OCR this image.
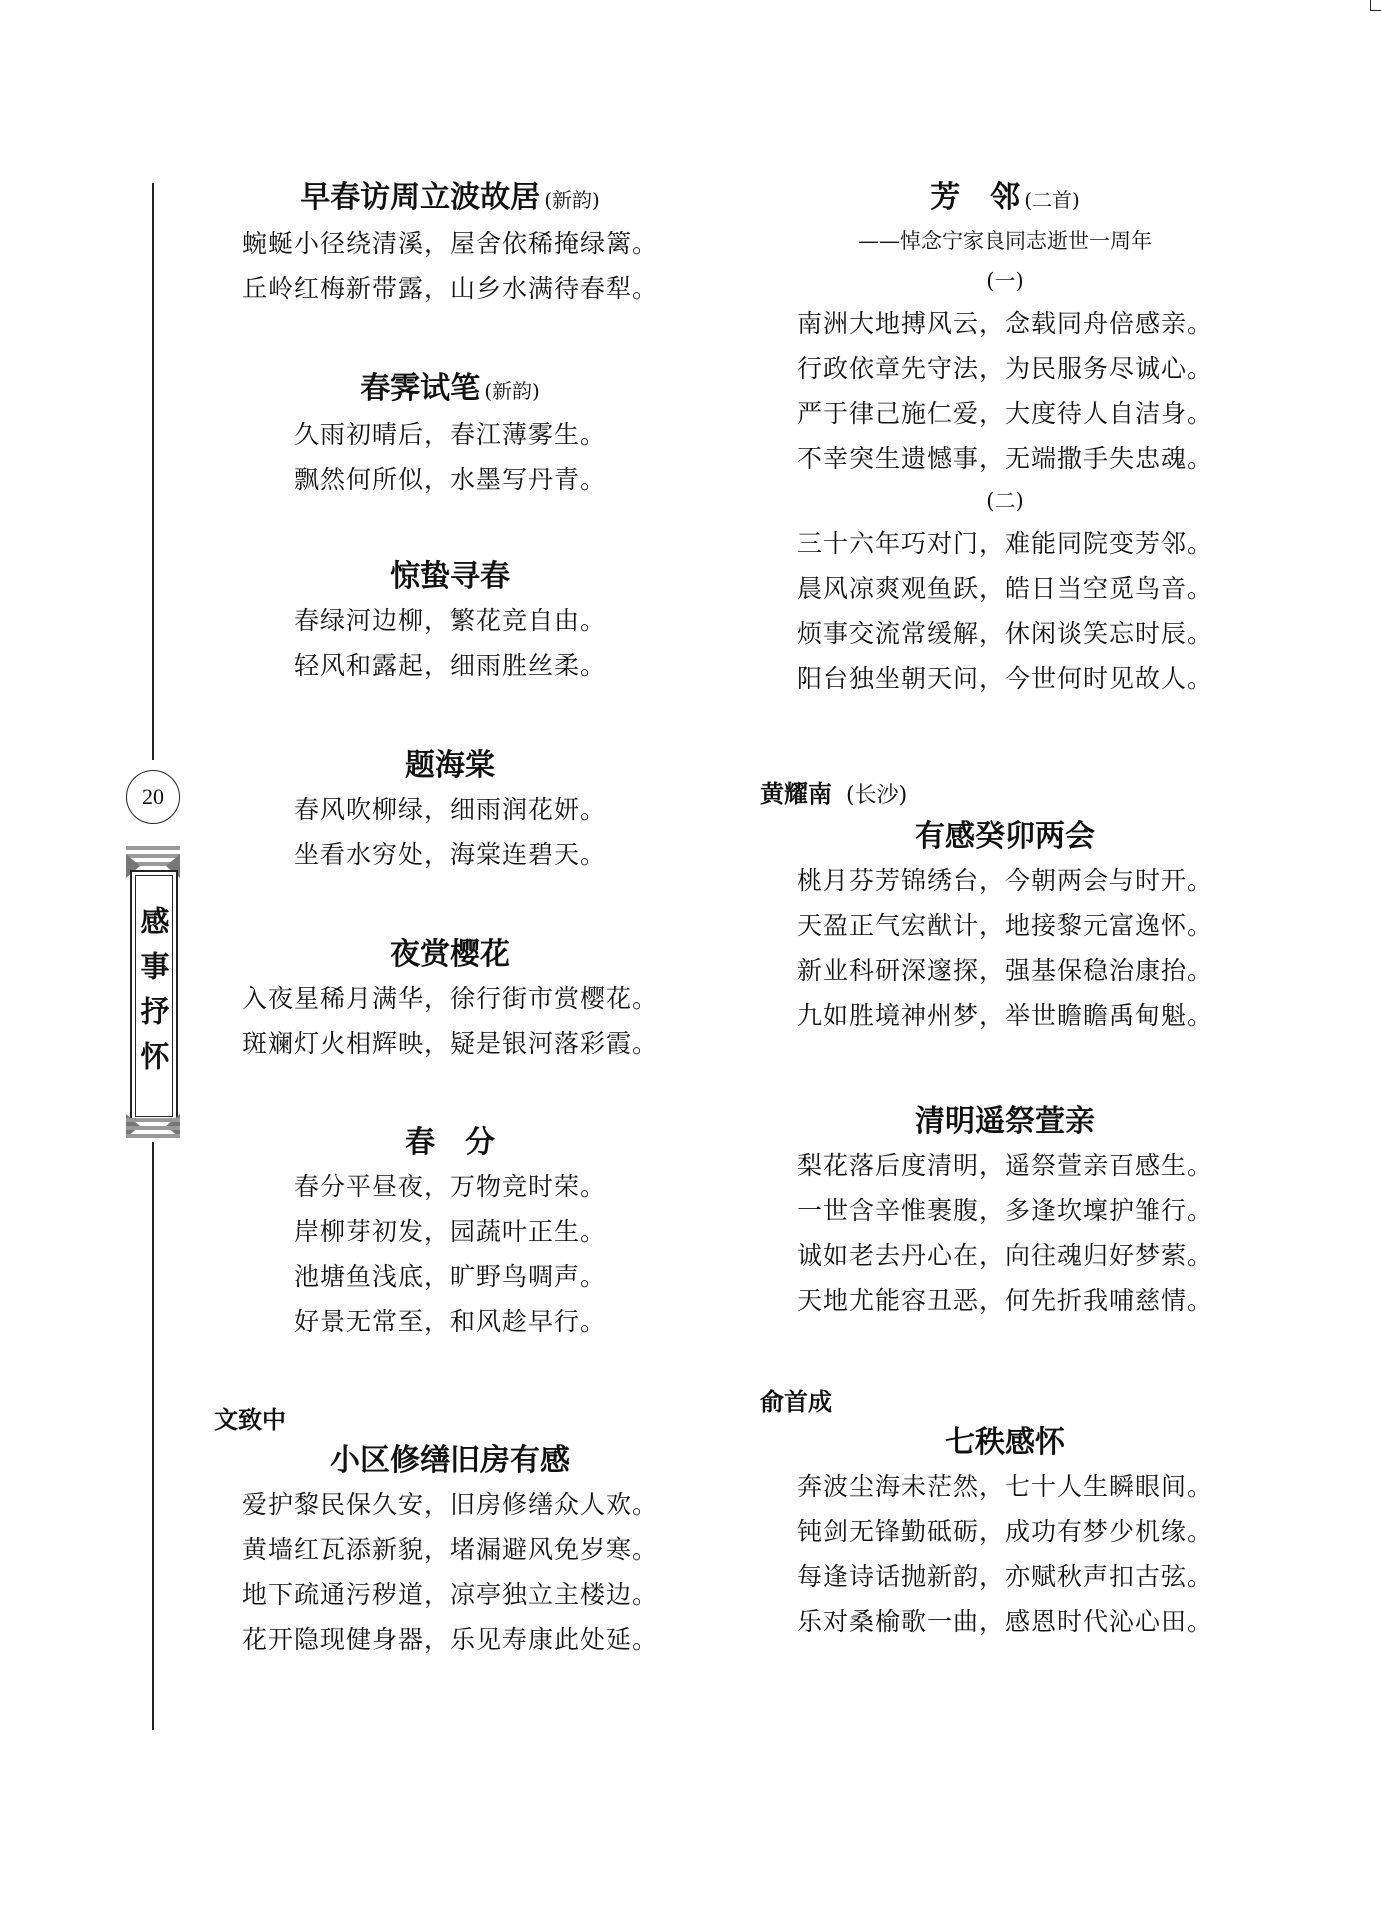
20
感事抒怀
早春访周立波故居 (新韵)
蜿蜒小径绕清溪，屋舍依稀掩绿篱。
丘岭红梅新带露，山乡水满待春犁。
春霁试笔 (新韵)
久雨初晴后，春江薄雾生。
飘然何所似，水墨写丹青。
惊蛰寻春
春绿河边柳，繁花竞自由。
轻风和露起，细雨胜丝柔。
题海棠
春风吹柳绿，细雨润花妍。
坐看水穷处，海棠连碧天。
夜赏樱花
入夜星稀月满华，徐行街市赏樱花。
斑斓灯火相辉映，疑是银河落彩霞。
春　分
春分平昼夜，万物竞时荣。
岸柳芽初发，园蔬叶正生。
池塘鱼浅底，旷野鸟啁声。
好景无常至，和风趁早行。
文致中
小区修缮旧房有感
爱护黎民保久安，旧房修缮众人欢。
黄墙红瓦添新貌，堵漏避风免岁寒。
地下疏通污秽道，凉亭独立主楼边。
花开隐现健身器，乐见寿康此处延。
芳　邻 (二首)
——悼念宁家良同志逝世一周年
(一)
南洲大地搏风云，念载同舟倍感亲。
行政依章先守法，为民服务尽诚心。
严于律己施仁爱，大度待人自洁身。
不幸突生遗憾事，无端撒手失忠魂。
(二)
三十六年巧对门，难能同院变芳邻。
晨风凉爽观鱼跃，皓日当空觅鸟音。
烦事交流常缓解，休闲谈笑忘时辰。
阳台独坐朝天问，今世何时见故人。
黄耀南 (长沙)
有感癸卯两会
桃月芬芳锦绣台，今朝两会与时开。
天盈正气宏猷计，地接黎元富逸怀。
新业科研深邃探，强基保稳治康抬。
九如胜境神州梦，举世瞻瞻禹甸魁。
清明遥祭萱亲
梨花落后度清明，遥祭萱亲百感生。
一世含辛惟裹腹，多逢坎壈护雏行。
诚如老去丹心在，向往魂归好梦萦。
天地尤能容丑恶，何先折我哺慈情。
俞首成
七秩感怀
奔波尘海未茫然，七十人生瞬眼间。
钝剑无锋勤砥砺，成功有梦少机缘。
每逢诗话抛新韵，亦赋秋声扣古弦。
乐对桑榆歌一曲，感恩时代沁心田。
